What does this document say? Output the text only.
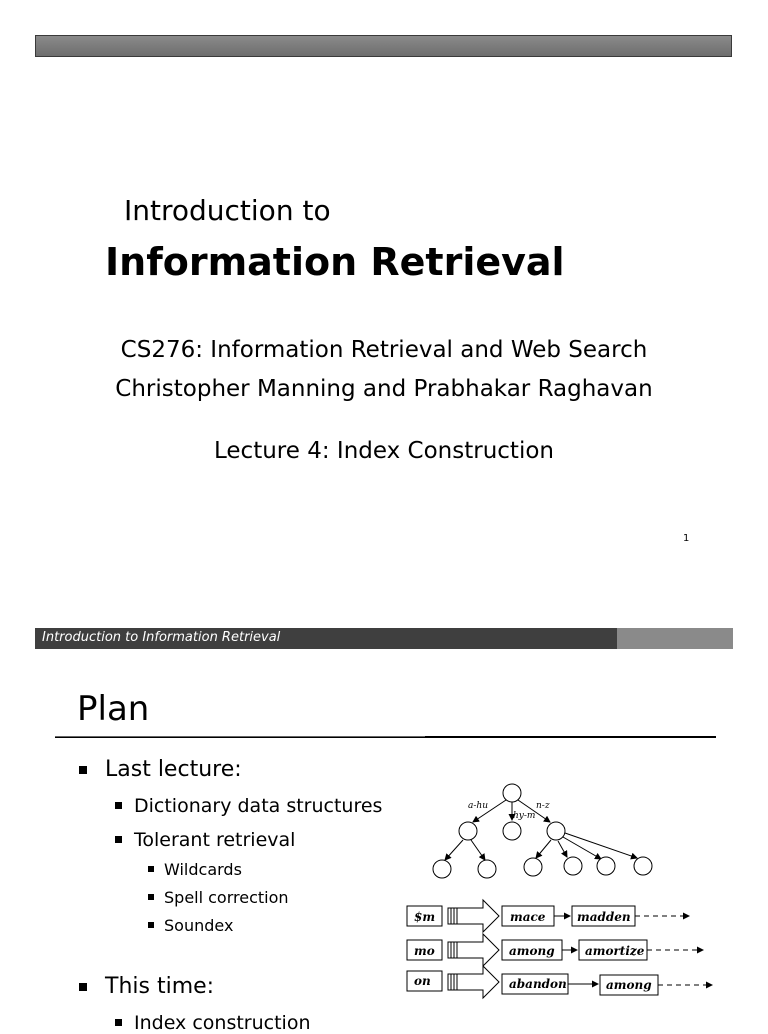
Introduction to
Information Retrieval
CS276: Information Retrieval and Web Search
Christopher Manning and Prabhakar Raghavan
Lecture 4: Index Construction
1
Introduction to Information Retrieval
Plan
Last lecture:
Dictionary data structures
Tolerant retrieval
Wildcards
Spell correction
Soundex
This time:
Index construction
a-hu
hy-m
n-z
$m	mace	madden
mo	among	amortize
on	abandon	among
